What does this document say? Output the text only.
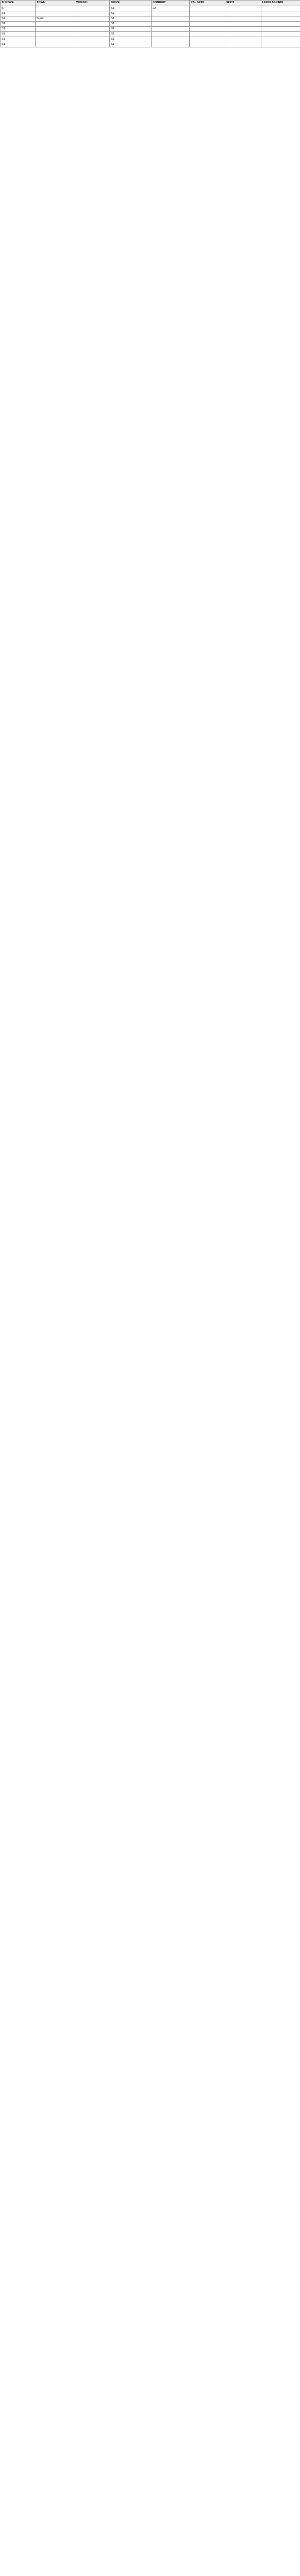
SHROVE	TOWN	WOUND	DRIVE	CONDUIT	PAL SPIN	SHOT	UNDO ASPIRIN
S			S1	22			
S1			S1				
S1	Stand		S1				
S1			S1				
S1			S1				
S1			S1				
S1			S1				
S1			S1				
